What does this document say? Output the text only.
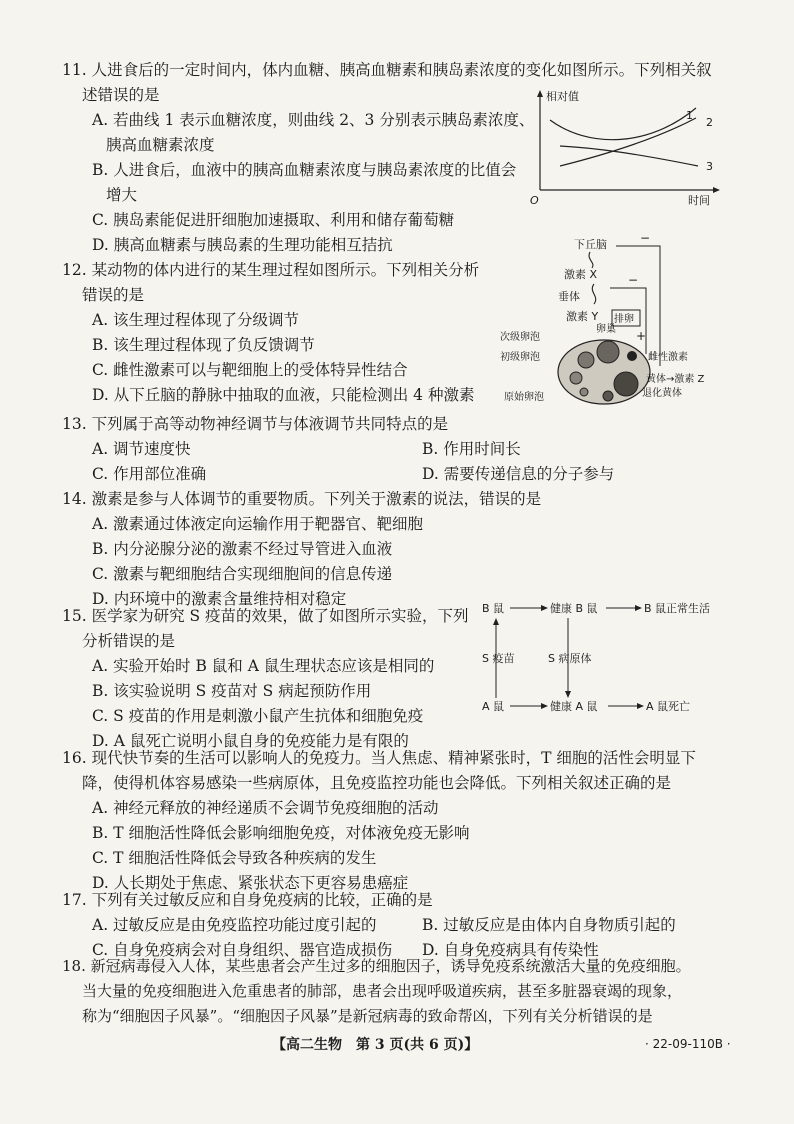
11. 人进食后的一定时间内，体内血糖、胰高血糖素和胰岛素浓度的变化如图所示。下列相关叙
述错误的是
A. 若曲线 1 表示血糖浓度，则曲线 2、3 分别表示胰岛素浓度、
胰高血糖素浓度
B. 人进食后，血液中的胰高血糖素浓度与胰岛素浓度的比值会
增大
C. 胰岛素能促进肝细胞加速摄取、利用和储存葡萄糖
D. 胰高血糖素与胰岛素的生理功能相互拮抗
相对值
O	时间
1
2
3
12. 某动物的体内进行的某生理过程如图所示。下列相关分析
错误的是
A. 该生理过程体现了分级调节
B. 该生理过程体现了负反馈调节
C. 雌性激素可以与靶细胞上的受体特异性结合
D. 从下丘脑的静脉中抽取的血液，只能检测出 4 种激素
下丘脑
激素 X
垂体
激素 Y
卵巢
排卵
−
−
+
次级卵泡
初级卵泡
原始卵泡
雌性激素
黄体→激素 Z
退化黄体
13. 下列属于高等动物神经调节与体液调节共同特点的是
A. 调节速度快	B. 作用时间长
C. 作用部位准确	D. 需要传递信息的分子参与
14. 激素是参与人体调节的重要物质。下列关于激素的说法，错误的是
A. 激素通过体液定向运输作用于靶器官、靶细胞
B. 内分泌腺分泌的激素不经过导管进入血液
C. 激素与靶细胞结合实现细胞间的信息传递
D. 内环境中的激素含量维持相对稳定
15. 医学家为研究 S 疫苗的效果，做了如图所示实验，下列
分析错误的是
A. 实验开始时 B 鼠和 A 鼠生理状态应该是相同的
B. 该实验说明 S 疫苗对 S 病起预防作用
C. S 疫苗的作用是刺激小鼠产生抗体和细胞免疫
D. A 鼠死亡说明小鼠自身的免疫能力是有限的
B 鼠	健康 B 鼠	B 鼠正常生活
S 疫苗	S 病原体
A 鼠	健康 A 鼠	A 鼠死亡
16. 现代快节奏的生活可以影响人的免疫力。当人焦虑、精神紧张时，T 细胞的活性会明显下
降，使得机体容易感染一些病原体，且免疫监控功能也会降低。下列相关叙述正确的是
A. 神经元释放的神经递质不会调节免疫细胞的活动
B. T 细胞活性降低会影响细胞免疫，对体液免疫无影响
C. T 细胞活性降低会导致各种疾病的发生
D. 人长期处于焦虑、紧张状态下更容易患癌症
17. 下列有关过敏反应和自身免疫病的比较，正确的是
A. 过敏反应是由免疫监控功能过度引起的	B. 过敏反应是由体内自身物质引起的
C. 自身免疫病会对自身组织、器官造成损伤	D. 自身免疫病具有传染性
18. 新冠病毒侵入人体，某些患者会产生过多的细胞因子，诱导免疫系统激活大量的免疫细胞。
当大量的免疫细胞进入危重患者的肺部，患者会出现呼吸道疾病，甚至多脏器衰竭的现象，
称为“细胞因子风暴”。“细胞因子风暴”是新冠病毒的致命帮凶，下列有关分析错误的是
【高二生物　第 3 页(共 6 页)】	· 22-09-110B ·
